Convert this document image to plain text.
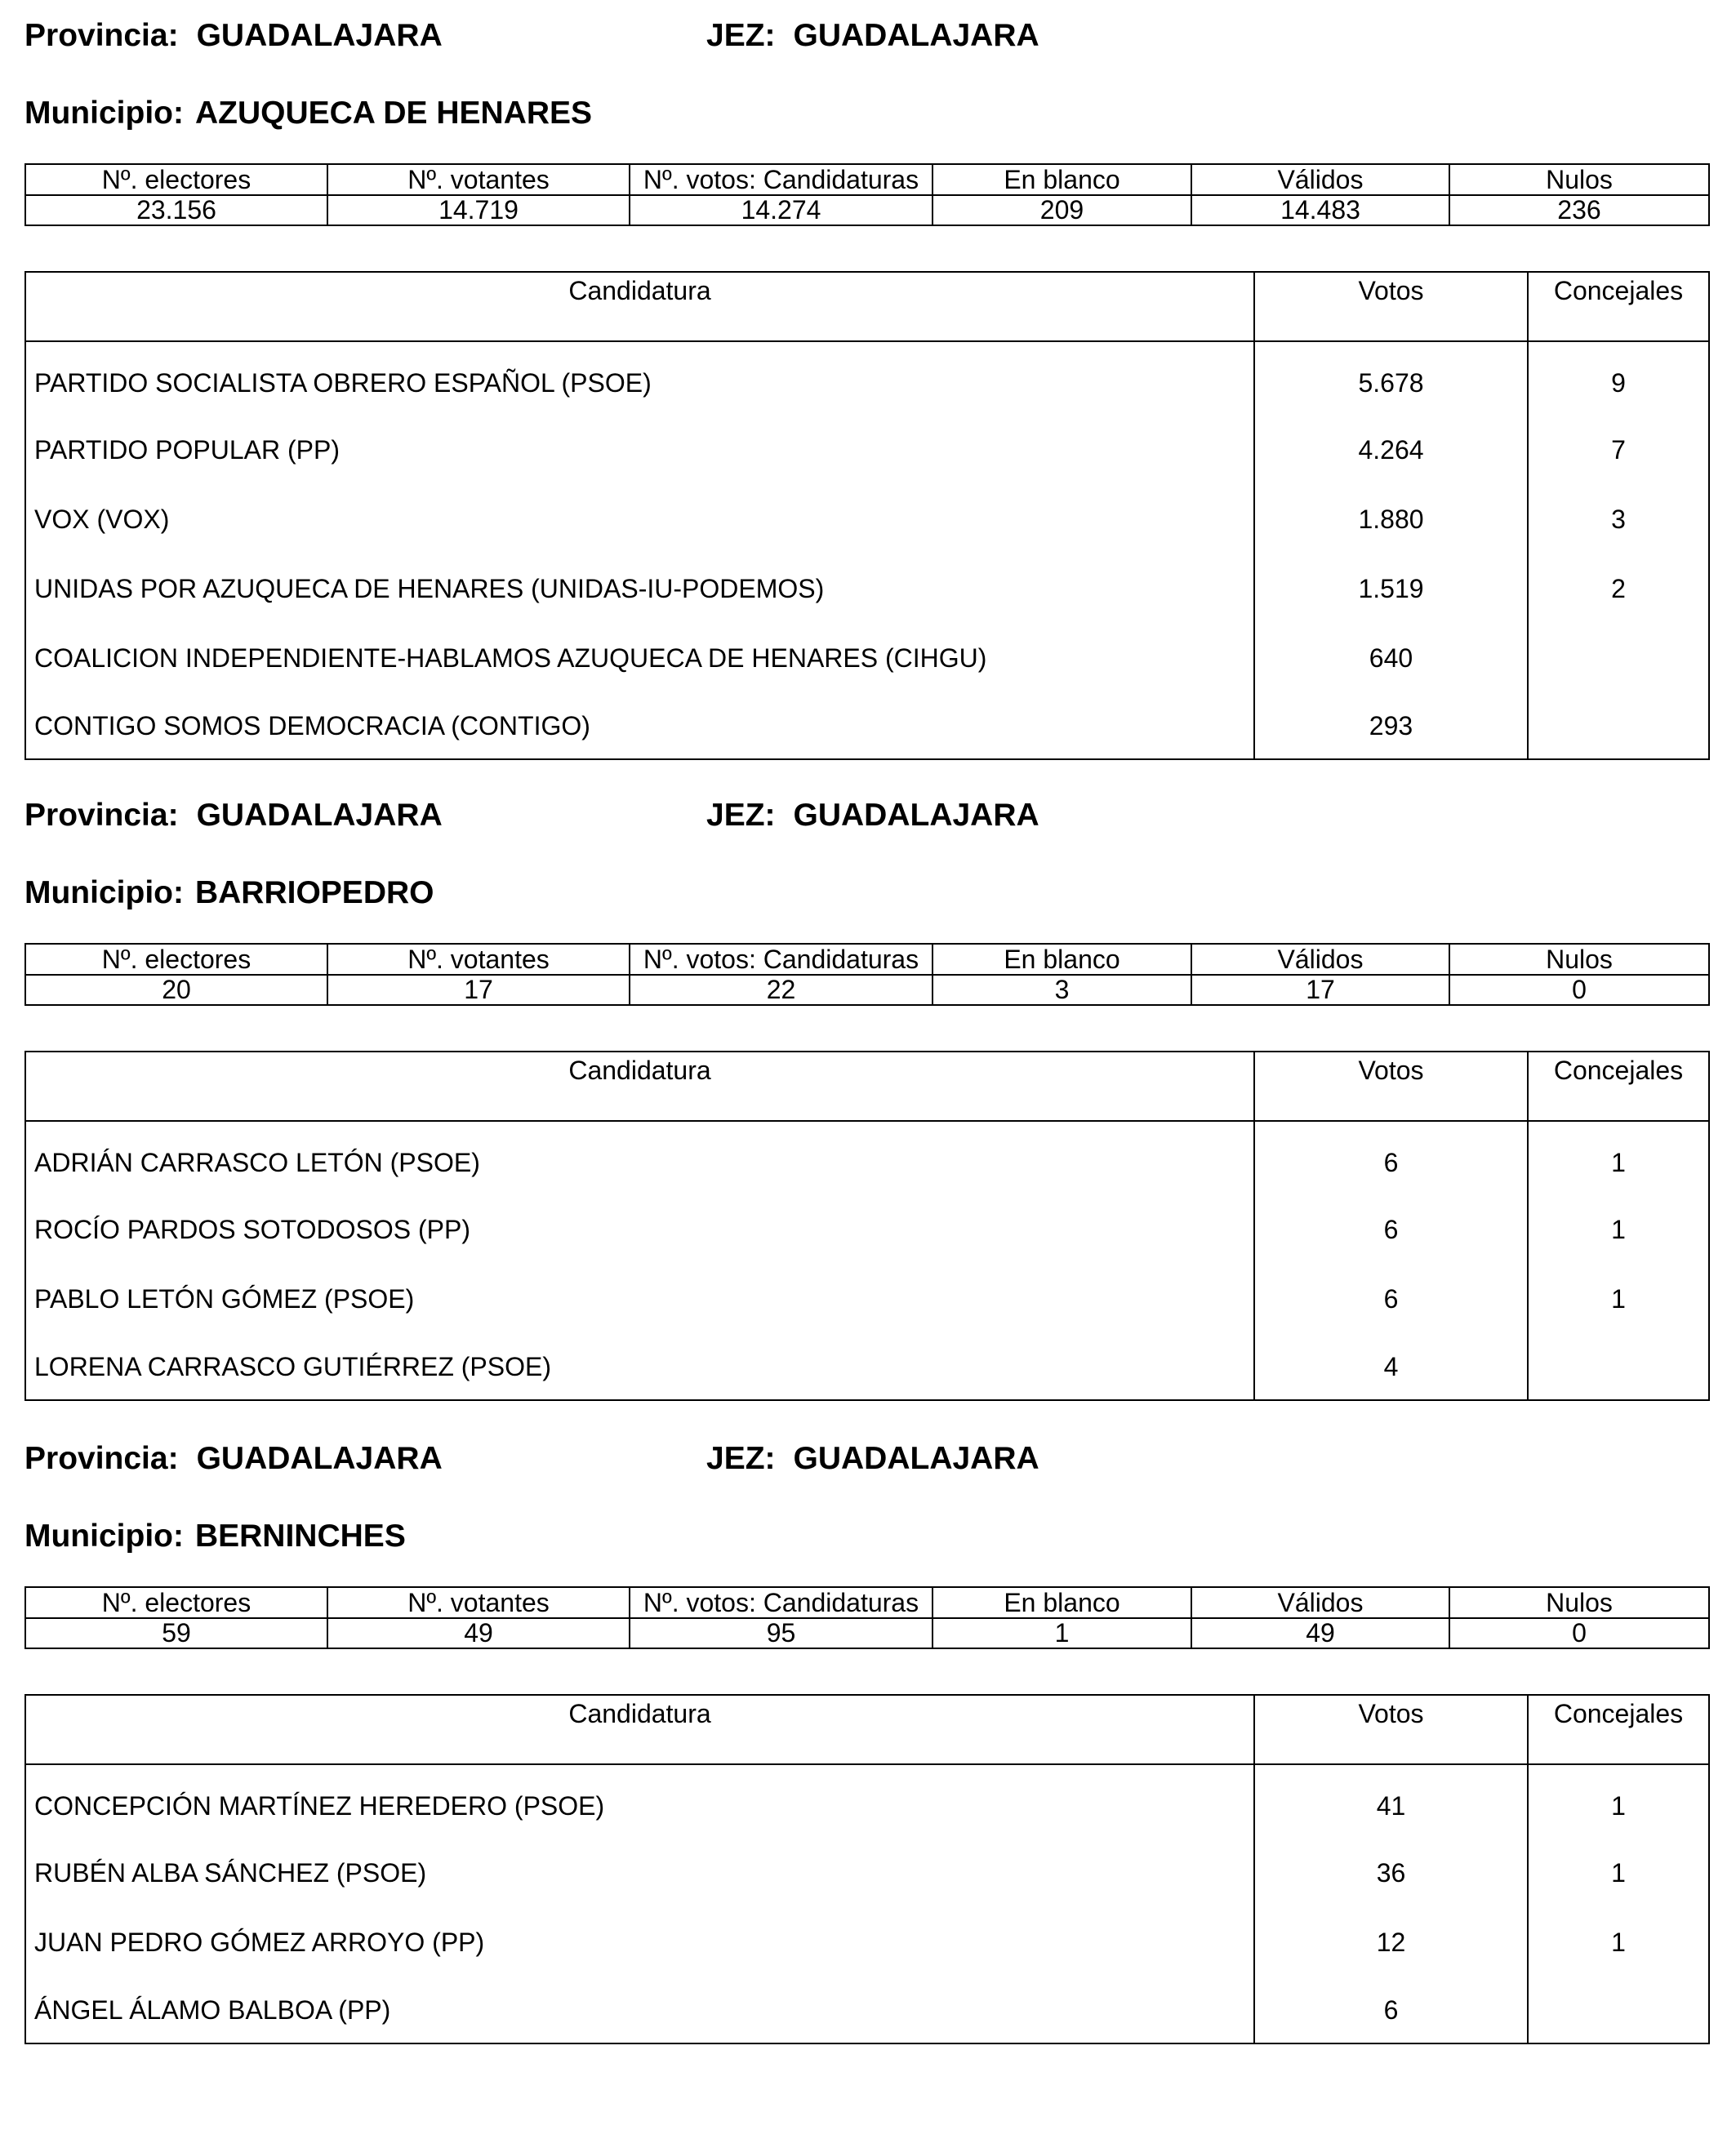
Provincia: GUADALAJARA	JEZ: GUADALAJARA
Municipio: AZUQUECA DE HENARES
Nº. electores	Nº. votantes	Nº. votos: Candidaturas	En blanco	Válidos	Nulos
23.156	14.719	14.274	209	14.483	236
Candidatura	Votos	Concejales
PARTIDO SOCIALISTA OBRERO ESPAÑOL (PSOE)	5.678	9
PARTIDO POPULAR (PP)	4.264	7
VOX (VOX)	1.880	3
UNIDAS POR AZUQUECA DE HENARES (UNIDAS-IU-PODEMOS)	1.519	2
COALICION INDEPENDIENTE-HABLAMOS AZUQUECA DE HENARES (CIHGU)	640	
CONTIGO SOMOS DEMOCRACIA (CONTIGO)	293	
Provincia: GUADALAJARA	JEZ: GUADALAJARA
Municipio: BARRIOPEDRO
Nº. electores	Nº. votantes	Nº. votos: Candidaturas	En blanco	Válidos	Nulos
20	17	22	3	17	0
Candidatura	Votos	Concejales
ADRIÁN CARRASCO LETÓN (PSOE)	6	1
ROCÍO PARDOS SOTODOSOS (PP)	6	1
PABLO LETÓN GÓMEZ (PSOE)	6	1
LORENA CARRASCO GUTIÉRREZ (PSOE)	4	
Provincia: GUADALAJARA	JEZ: GUADALAJARA
Municipio: BERNINCHES
Nº. electores	Nº. votantes	Nº. votos: Candidaturas	En blanco	Válidos	Nulos
59	49	95	1	49	0
Candidatura	Votos	Concejales
CONCEPCIÓN MARTÍNEZ HEREDERO (PSOE)	41	1
RUBÉN ALBA SÁNCHEZ (PSOE)	36	1
JUAN PEDRO GÓMEZ ARROYO (PP)	12	1
ÁNGEL ÁLAMO BALBOA (PP)	6	
